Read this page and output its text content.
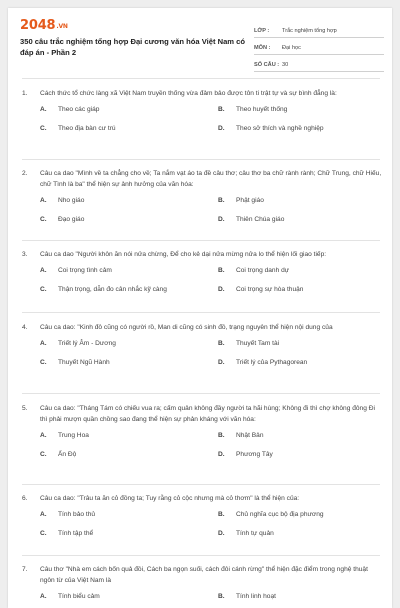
2048.VN
350 câu trắc nghiệm tổng hợp Đại cương văn hóa Việt Nam có đáp án - Phần 2
LỚP :	Trắc nghiệm tổng hợp
MÔN :	Đại học
SỐ CÂU : 30
1.	Cách thức tổ chức làng xã Việt Nam truyền thống vừa đảm bảo được tôn ti trật tự và sự bình đẳng là:
A. Theo các giáp	B. Theo huyết thống
C. Theo địa bàn cư trú	D. Theo sở thích và nghề nghiệp
2.	Câu ca dao "Mình về ta chẳng cho về; Ta nắm vạt áo ta đề câu thơ; câu thơ ba chữ rành rành; Chữ Trung, chữ Hiếu, chữ Tình là ba" thể hiện sự ảnh hưởng của văn hóa:
A. Nho giáo	B. Phật giáo
C. Đạo giáo	D. Thiên Chúa giáo
3.	Câu ca dao "Người khôn ăn nói nửa chừng, Để cho kẻ dại nửa mừng nửa lo thể hiện lối giao tiếp:
A. Coi trọng tình cảm	B. Coi trọng danh dự
C. Thận trọng, dẫn đo cân nhắc kỹ càng	D. Coi trọng sự hòa thuận
4.	Câu ca dao: "Kinh đô cũng có người rồ, Man di cũng có sinh đồ, trạng nguyên thể hiện nội dung của
A. Triết lý Âm - Dương	B. Thuyết Tam tài
C. Thuyết Ngũ Hành	D. Triết lý của Pythagorean
5.	Câu ca dao: "Tháng Tám có chiếu vua ra; cấm quân không đầy người ta hãi hùng; Không đi thì chợ không đông Đi thì phải mượn quần chồng sao đang thể hiện sự phản kháng với văn hóa:
A. Trung Hoa	B. Nhật Bản
C. Ấn Độ	D. Phương Tây
6.	Câu ca dao: "Trâu ta ăn cỏ đồng ta; Tuy rằng cỏ cộc nhưng mà cỏ thơm" là thể hiện của:
A. Tính bảo thủ	B. Chủ nghĩa cục bộ địa phương
C. Tính tập thể	D. Tính tự quản
7.	Câu thơ "Nhà em cách bốn quả đồi, Cách ba ngọn suối, cách đôi cánh rừng" thể hiện đặc điểm trong nghệ thuật ngôn từ của Việt Nam là
A. Tính biểu cảm	B. Tính linh hoạt
